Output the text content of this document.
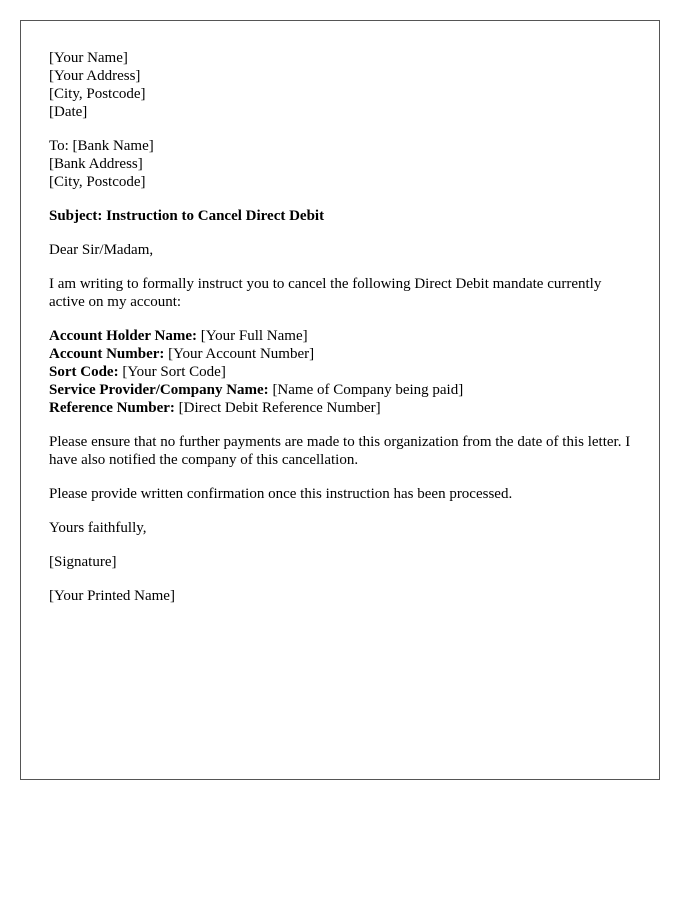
[Your Name]
[Your Address]
[City, Postcode]
[Date]
To: [Bank Name]
[Bank Address]
[City, Postcode]
Subject: Instruction to Cancel Direct Debit
Dear Sir/Madam,
I am writing to formally instruct you to cancel the following Direct Debit mandate currently active on my account:
Account Holder Name: [Your Full Name]
Account Number: [Your Account Number]
Sort Code: [Your Sort Code]
Service Provider/Company Name: [Name of Company being paid]
Reference Number: [Direct Debit Reference Number]
Please ensure that no further payments are made to this organization from the date of this letter. I have also notified the company of this cancellation.
Please provide written confirmation once this instruction has been processed.
Yours faithfully,
[Signature]
[Your Printed Name]
